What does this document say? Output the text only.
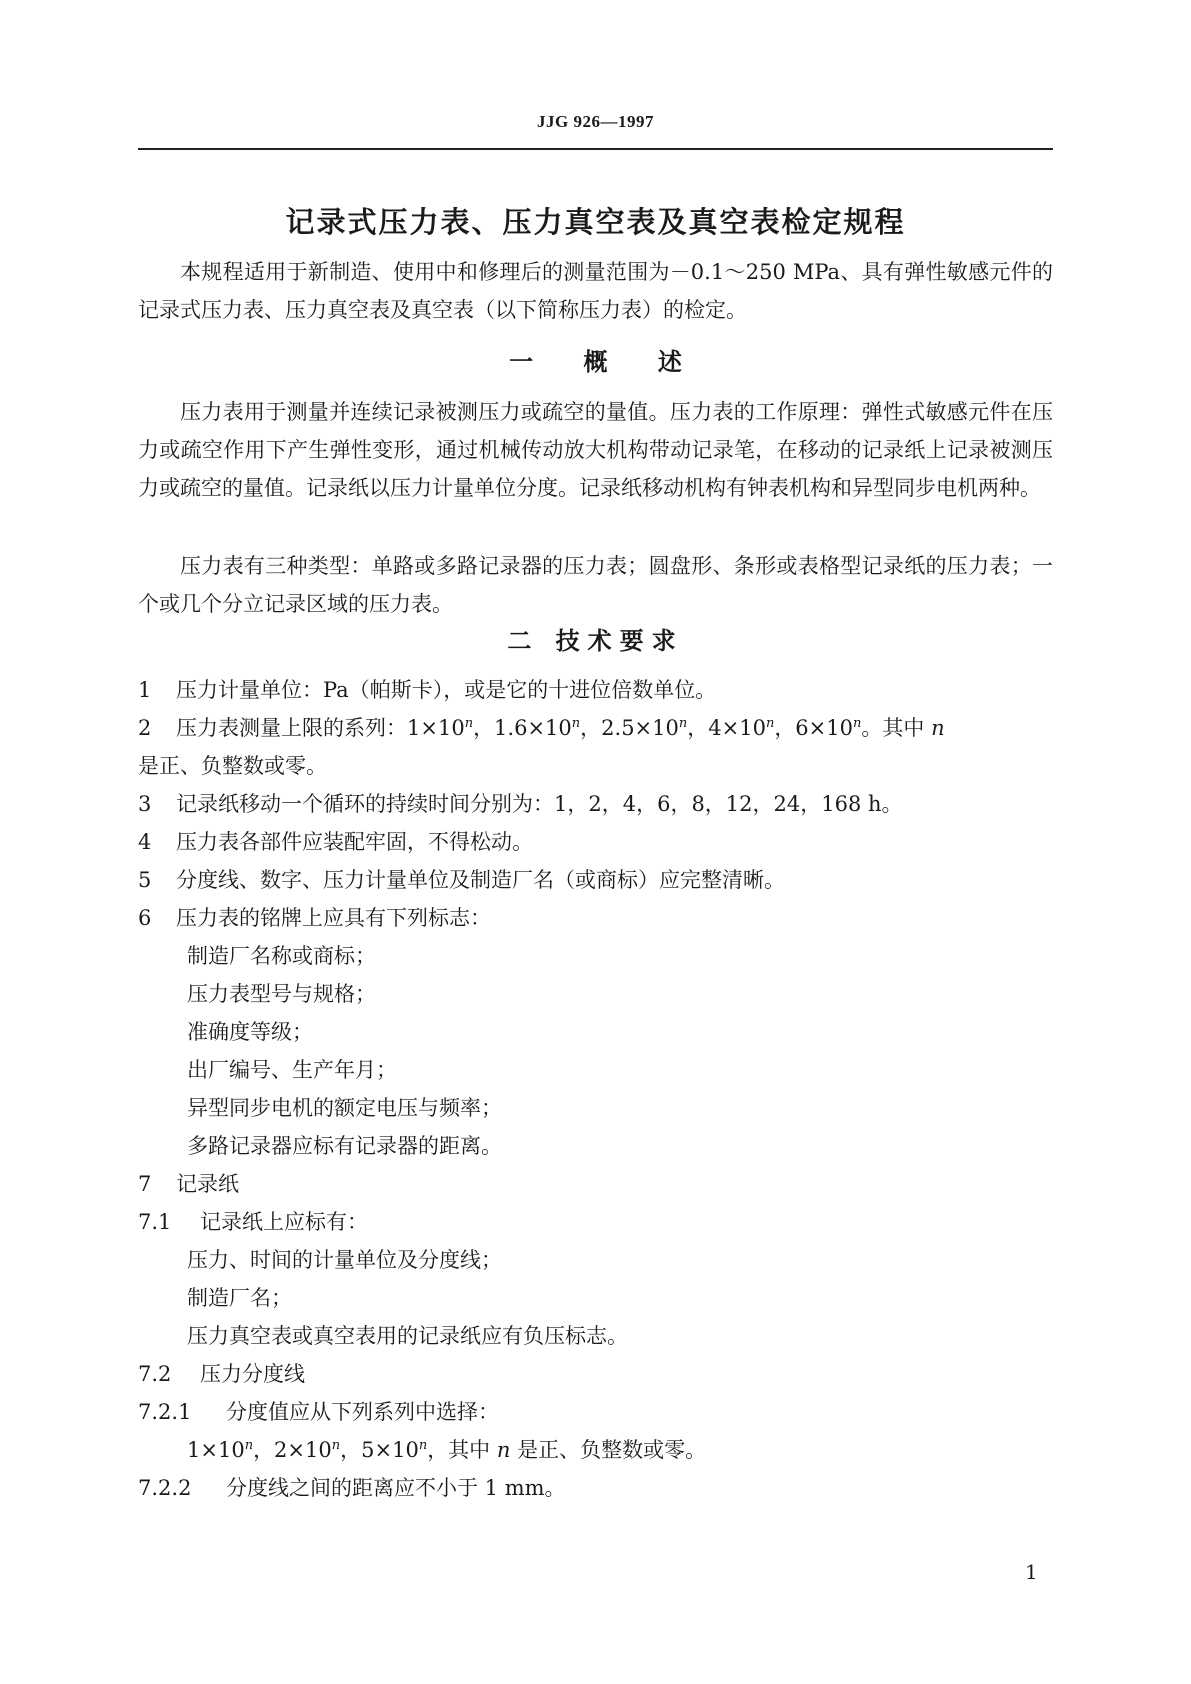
JJG 926—1997
记录式压力表、压力真空表及真空表检定规程
本规程适用于新制造、使用中和修理后的测量范围为－0.1～250 MPa、具有弹性敏感元件的记录式压力表、压力真空表及真空表（以下简称压力表）的检定。
一 概 述
压力表用于测量并连续记录被测压力或疏空的量值。压力表的工作原理：弹性式敏感元件在压力或疏空作用下产生弹性变形，通过机械传动放大机构带动记录笔，在移动的记录纸上记录被测压力或疏空的量值。记录纸以压力计量单位分度。记录纸移动机构有钟表机构和异型同步电机两种。
压力表有三种类型：单路或多路记录器的压力表；圆盘形、条形或表格型记录纸的压力表；一个或几个分立记录区域的压力表。
二 技术要求
1 压力计量单位：Pa（帕斯卡），或是它的十进位倍数单位。
2 压力表测量上限的系列：$1\times 10^n$，$1.6\times 10^n$，$2.5\times 10^n$，$4\times 10^n$，$6\times 10^n$。其中 n
是正、负整数或零。
3 记录纸移动一个循环的持续时间分别为：1，2，4，6，8，12，24，168 h。
4 压力表各部件应装配牢固，不得松动。
5 分度线、数字、压力计量单位及制造厂名（或商标）应完整清晰。
6 压力表的铭牌上应具有下列标志：
制造厂名称或商标；
压力表型号与规格；
准确度等级；
出厂编号、生产年月；
异型同步电机的额定电压与频率；
多路记录器应标有记录器的距离。
7 记录纸
7.1 记录纸上应标有：
压力、时间的计量单位及分度线；
制造厂名；
压力真空表或真空表用的记录纸应有负压标志。
7.2 压力分度线
7.2.1 分度值应从下列系列中选择：
$1\times 10^n$，$2\times 10^n$，$5\times 10^n$，其中 n 是正、负整数或零。
7.2.2 分度线之间的距离应不小于 1 mm。
1
